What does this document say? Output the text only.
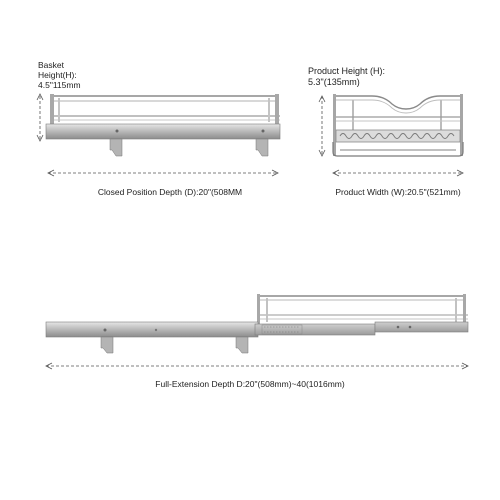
Basket
Height(H):
4.5"115mm
Product Height (H):
5.3"(135mm)
Closed Position Depth (D):20"(508MM	Product Width (W):20.5"(521mm)
Full-Extension Depth D:20"(508mm)~40(1016mm)
